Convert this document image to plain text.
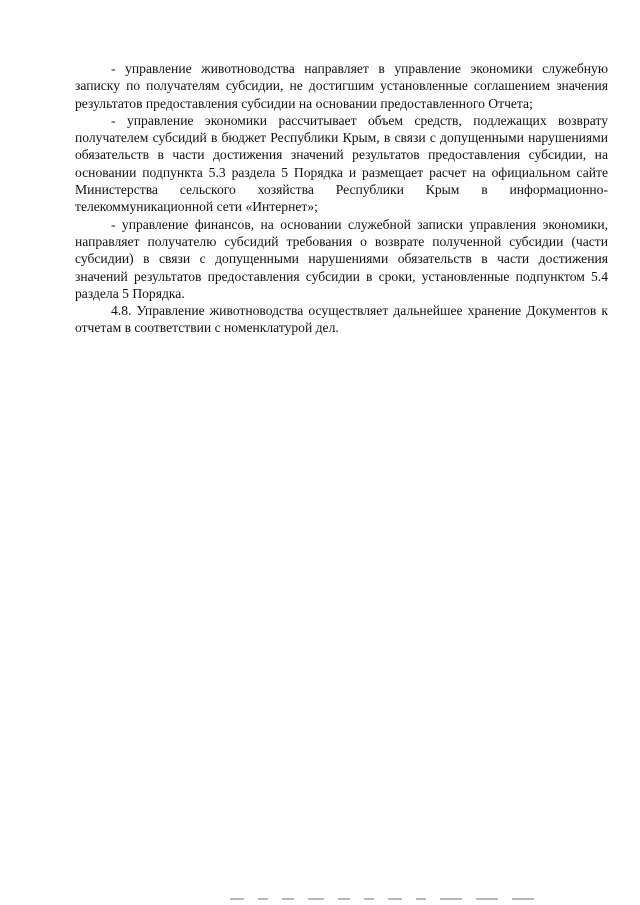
- управление животноводства направляет в управление экономики служебную записку по получателям субсидии, не достигшим установленные соглашением значения результатов предоставления субсидии на основании предоставленного Отчета;

- управление экономики рассчитывает объем средств, подлежащих возврату получателем субсидий в бюджет Республики Крым, в связи с допущенными нарушениями обязательств в части достижения значений результатов предоставления субсидии, на основании подпункта 5.3 раздела 5 Порядка и размещает расчет на официальном сайте Министерства сельского хозяйства Республики Крым в информационно-телекоммуникационной сети «Интернет»;

- управление финансов, на основании служебной записки управления экономики, направляет получателю субсидий требования о возврате полученной субсидии (части субсидии) в связи с допущенными нарушениями обязательств в части достижения значений результатов предоставления субсидии в сроки, установленные подпунктом 5.4 раздела 5 Порядка.

4.8. Управление животноводства осуществляет дальнейшее хранение Документов к отчетам в соответствии с номенклатурой дел.
